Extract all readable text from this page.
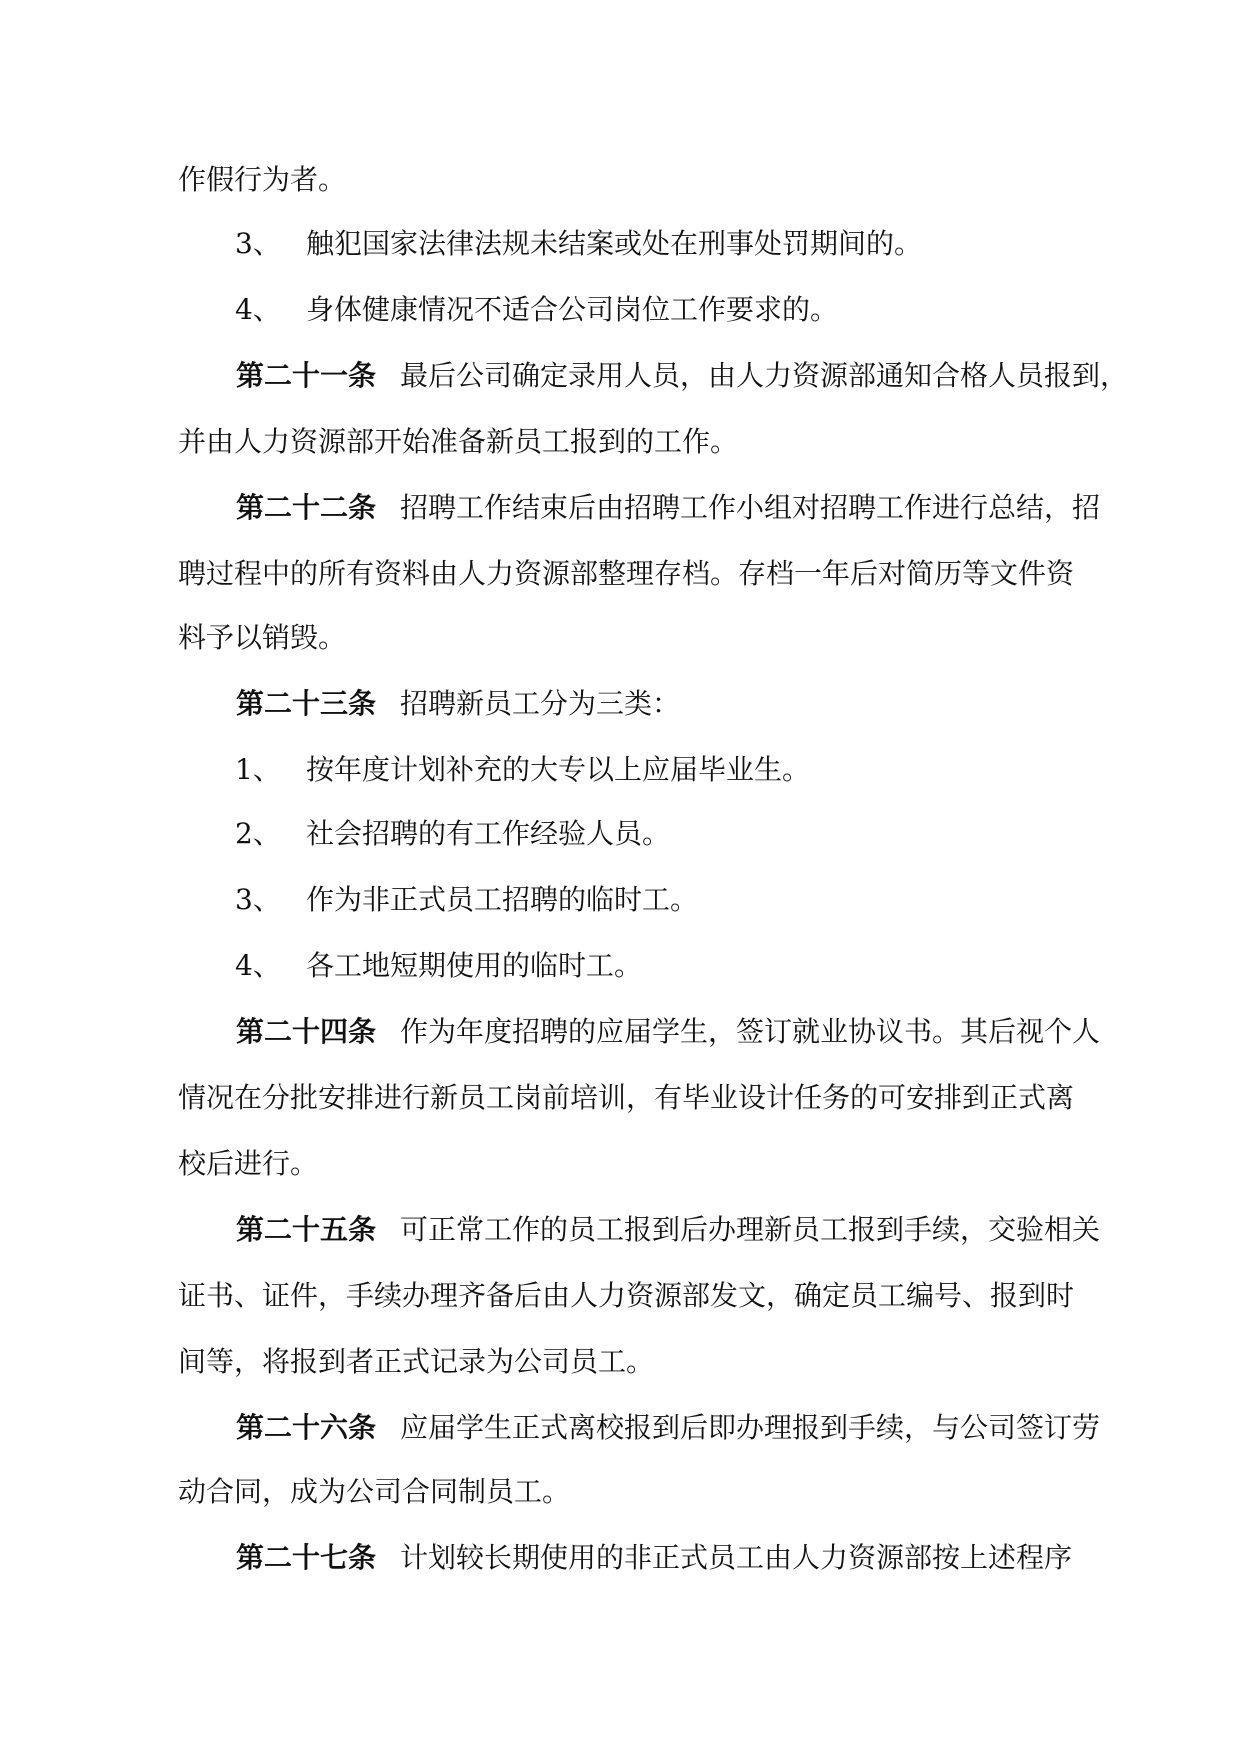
作假行为者。
3、 触犯国家法律法规未结案或处在刑事处罚期间的。
4、 身体健康情况不适合公司岗位工作要求的。
第二十一条 最后公司确定录用人员，由人力资源部通知合格人员报到，
并由人力资源部开始准备新员工报到的工作。
第二十二条 招聘工作结束后由招聘工作小组对招聘工作进行总结，招
聘过程中的所有资料由人力资源部整理存档。存档一年后对简历等文件资
料予以销毁。
第二十三条 招聘新员工分为三类：
1、 按年度计划补充的大专以上应届毕业生。
2、 社会招聘的有工作经验人员。
3、 作为非正式员工招聘的临时工。
4、 各工地短期使用的临时工。
第二十四条 作为年度招聘的应届学生，签订就业协议书。其后视个人
情况在分批安排进行新员工岗前培训，有毕业设计任务的可安排到正式离
校后进行。
第二十五条 可正常工作的员工报到后办理新员工报到手续，交验相关
证书、证件，手续办理齐备后由人力资源部发文，确定员工编号、报到时
间等，将报到者正式记录为公司员工。
第二十六条 应届学生正式离校报到后即办理报到手续，与公司签订劳
动合同，成为公司合同制员工。
第二十七条 计划较长期使用的非正式员工由人力资源部按上述程序
